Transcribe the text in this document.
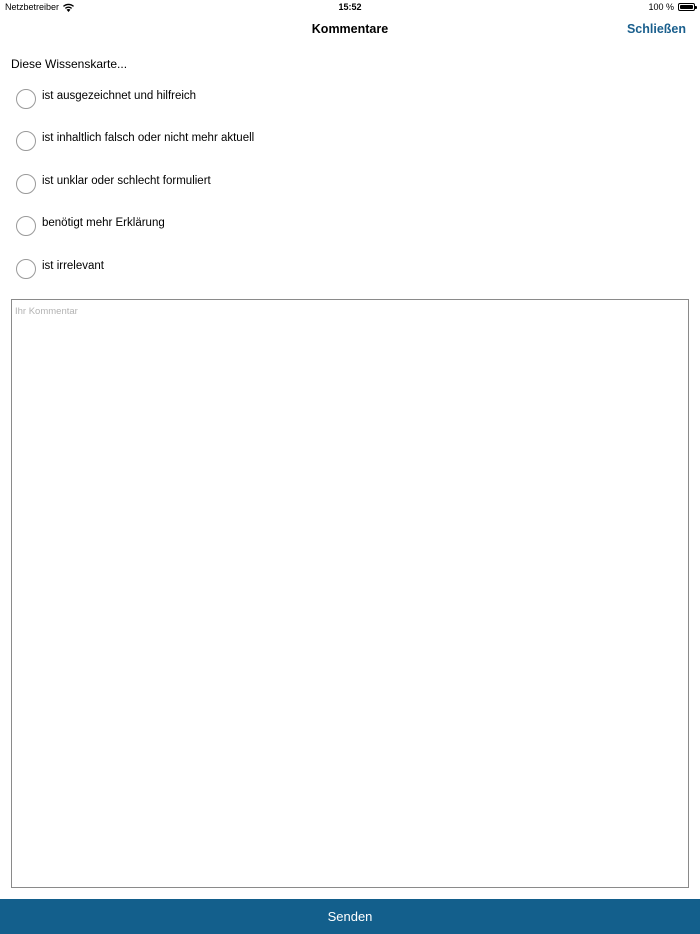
Netzbetreiber	15:52	100 %
Kommentare	Schließen
Diese Wissenskarte...
ist ausgezeichnet und hilfreich
ist inhaltlich falsch oder nicht mehr aktuell
ist unklar oder schlecht formuliert
benötigt mehr Erklärung
ist irrelevant
Ihr Kommentar
Senden
